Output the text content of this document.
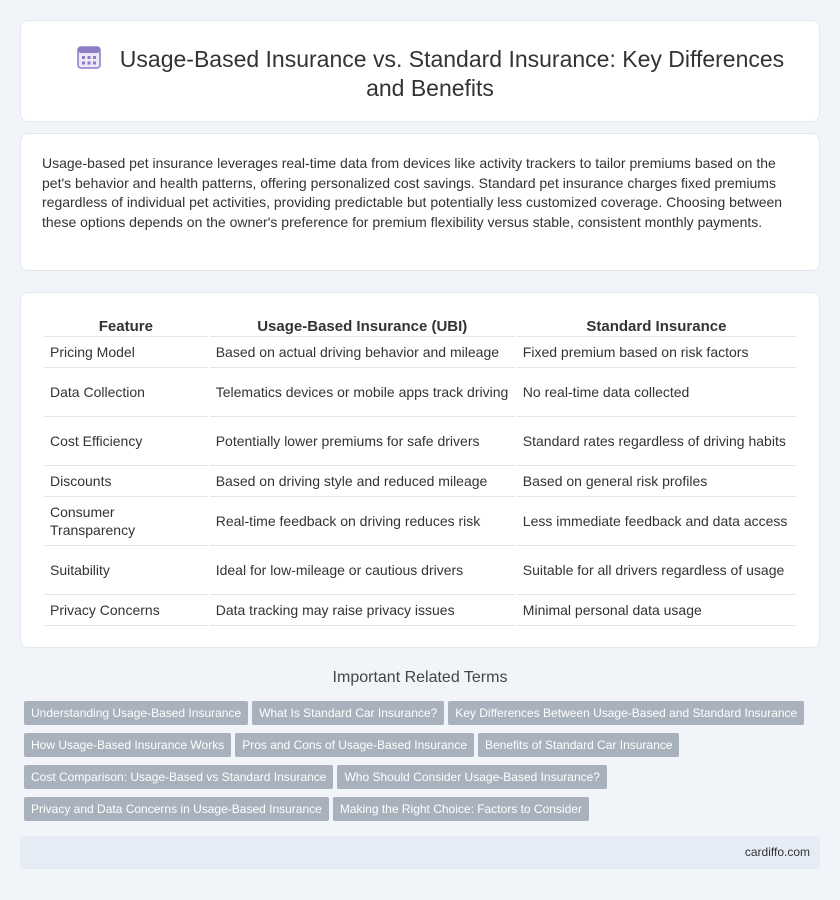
Usage-Based Insurance vs. Standard Insurance: Key Differences and Benefits

Usage-based pet insurance leverages real-time data from devices like activity trackers to tailor premiums based on the pet's behavior and health patterns, offering personalized cost savings. Standard pet insurance charges fixed premiums regardless of individual pet activities, providing predictable but potentially less customized coverage. Choosing between these options depends on the owner's preference for premium flexibility versus stable, consistent monthly payments.

Feature	Usage-Based Insurance (UBI)	Standard Insurance
Pricing Model	Based on actual driving behavior and mileage	Fixed premium based on risk factors
Data Collection	Telematics devices or mobile apps track driving	No real-time data collected
Cost Efficiency	Potentially lower premiums for safe drivers	Standard rates regardless of driving habits
Discounts	Based on driving style and reduced mileage	Based on general risk profiles
Consumer Transparency	Real-time feedback on driving reduces risk	Less immediate feedback and data access
Suitability	Ideal for low-mileage or cautious drivers	Suitable for all drivers regardless of usage
Privacy Concerns	Data tracking may raise privacy issues	Minimal personal data usage
Important Related Terms
Understanding Usage-Based Insurance What Is Standard Car Insurance? Key Differences Between Usage-Based and Standard Insurance
How Usage-Based Insurance Works Pros and Cons of Usage-Based Insurance Benefits of Standard Car Insurance
Cost Comparison: Usage-Based vs Standard Insurance Who Should Consider Usage-Based Insurance?
Privacy and Data Concerns in Usage-Based Insurance Making the Right Choice: Factors to Consider
cardiffo.com
